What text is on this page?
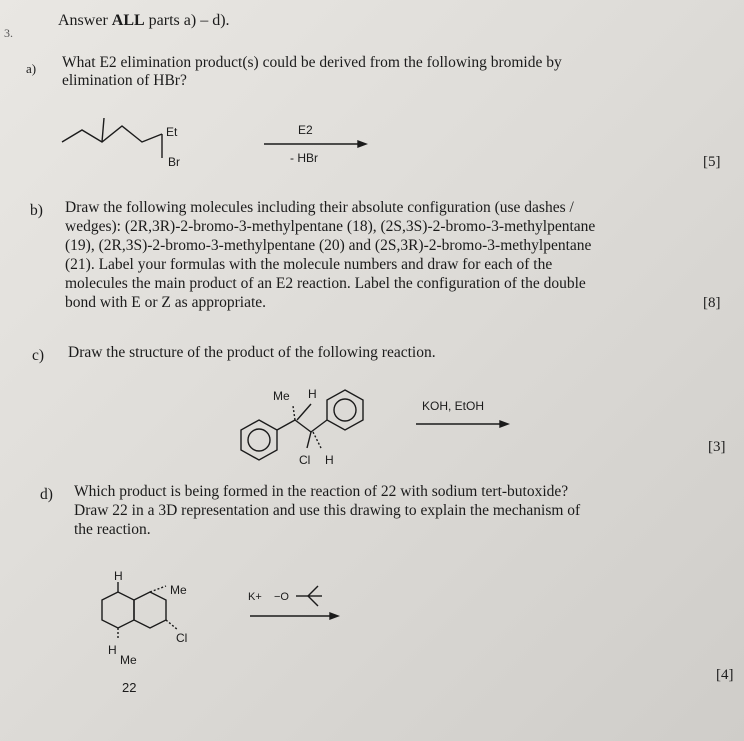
3.
Answer ALL parts a) – d).
a) What E2 elimination product(s) could be derived from the following bromide by
elimination of HBr?
Et
Br
E2
- HBr	[5]
b) Draw the following molecules including their absolute configuration (use dashes /
wedges): (2R,3R)-2-bromo-3-methylpentane (18), (2S,3S)-2-bromo-3-methylpentane
(19), (2R,3S)-2-bromo-3-methylpentane (20) and (2S,3R)-2-bromo-3-methylpentane
(21). Label your formulas with the molecule numbers and draw for each of the
molecules the main product of an E2 reaction. Label the configuration of the double
bond with E or Z as appropriate.	[8]
c) Draw the structure of the product of the following reaction.
Me H
Cl H
KOH, EtOH
[3]
d) Which product is being formed in the reaction of 22 with sodium tert-butoxide?
Draw 22 in a 3D representation and use this drawing to explain the mechanism of
the reaction.
H
Me
Cl
H
Me
22
K+ −O
[4]
